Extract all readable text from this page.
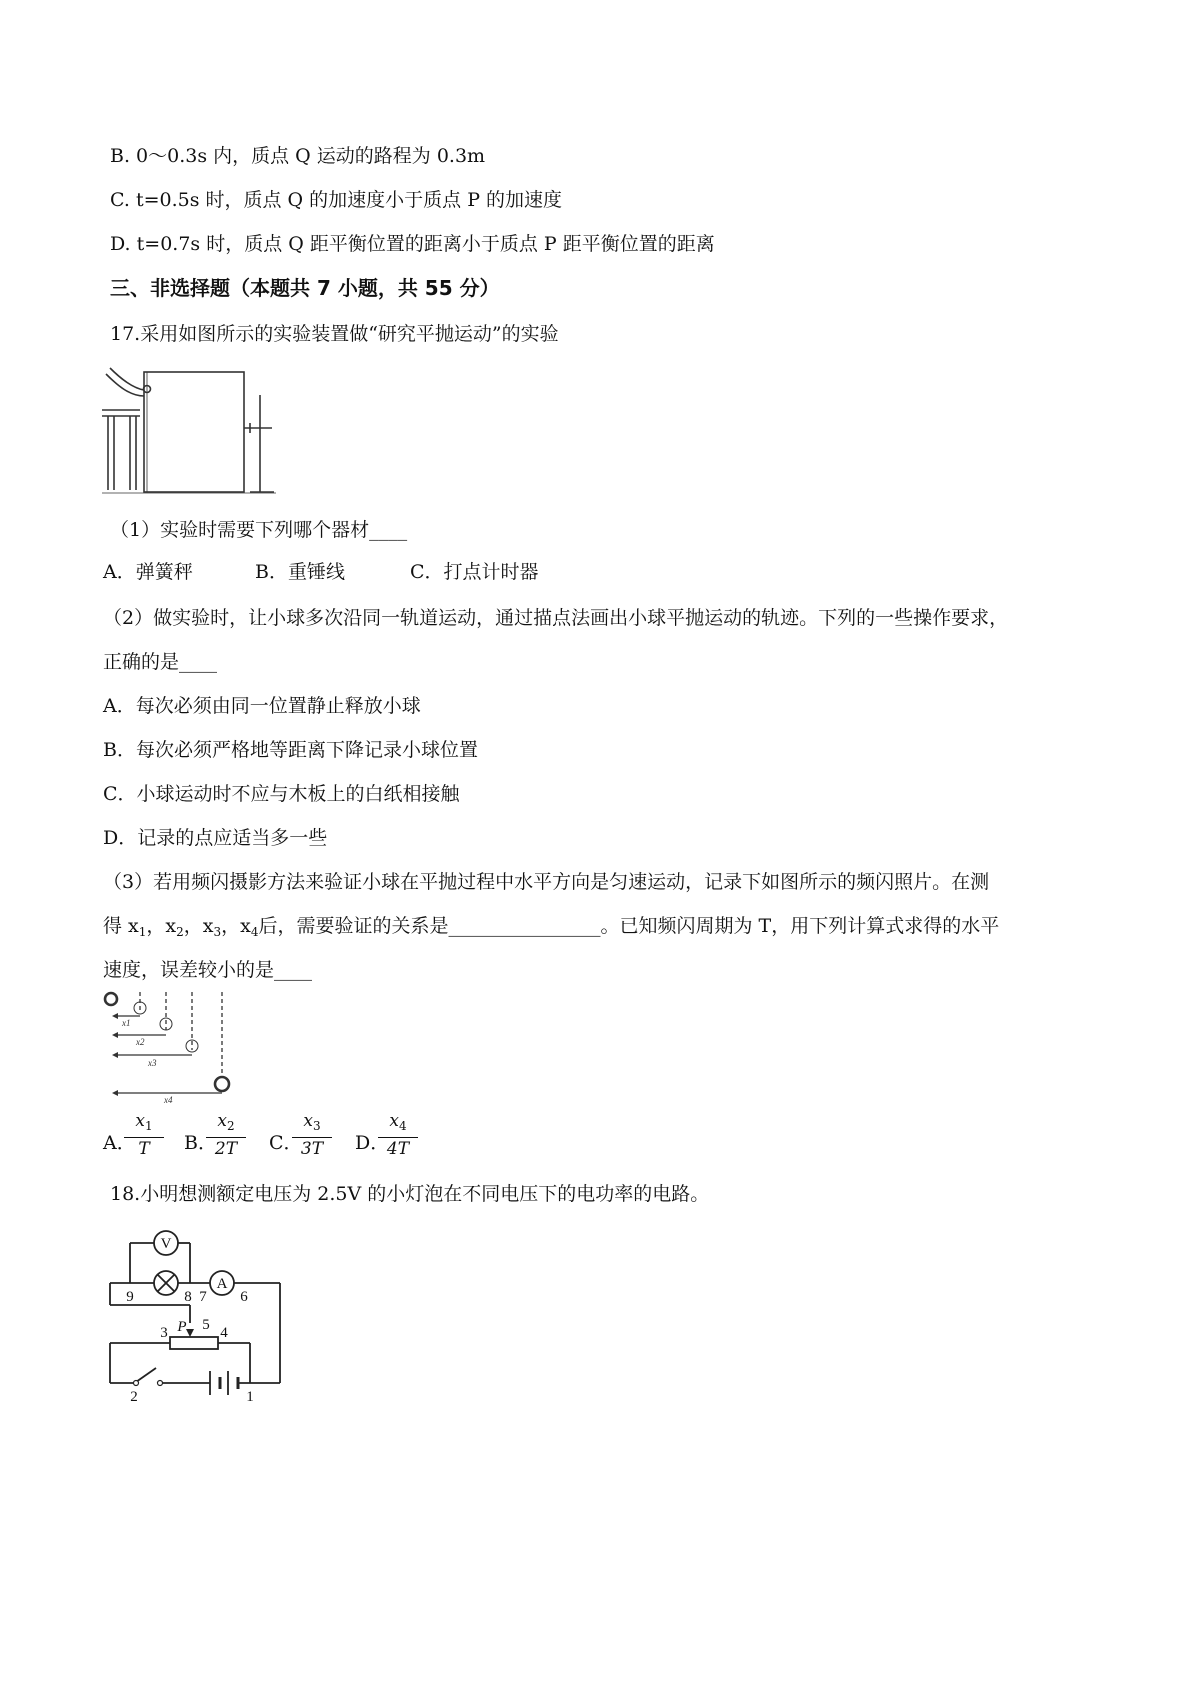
B. 0～0.3s 内，质点 Q 运动的路程为 0.3m
C. t=0.5s 时，质点 Q 的加速度小于质点 P 的加速度
D. t=0.7s 时，质点 Q 距平衡位置的距离小于质点 P 距平衡位置的距离
三、非选择题（本题共 7 小题，共 55 分）
17.采用如图所示的实验装置做“研究平抛运动”的实验
（1）实验时需要下列哪个器材____
A．弹簧秤	B．重锤线	C．打点计时器
（2）做实验时，让小球多次沿同一轨道运动，通过描点法画出小球平抛运动的轨迹。下列的一些操作要求，
正确的是____
A．每次必须由同一位置静止释放小球
B．每次必须严格地等距离下降记录小球位置
C．小球运动时不应与木板上的白纸相接触
D．记录的点应适当多一些
（3）若用频闪摄影方法来验证小球在平抛过程中水平方向是匀速运动，记录下如图所示的频闪照片。在测
得 $x_1$，$x_2$，$x_3$，$x_4$后，需要验证的关系是________________。已知频闪周期为 T，用下列计算式求得的水平
速度，误差较小的是____
x1
x2
x3
x4
A．
$\frac{x_1}{T}$ B．
$\frac{x_2}{2T}$ C．
$\frac{x_3}{3T}$ D．
$\frac{x_4}{4T}$
18.小明想测额定电压为 2.5V 的小灯泡在不同电压下的电功率的电路。
V
A
P
1
2
3	4
5
6
7
8
9
